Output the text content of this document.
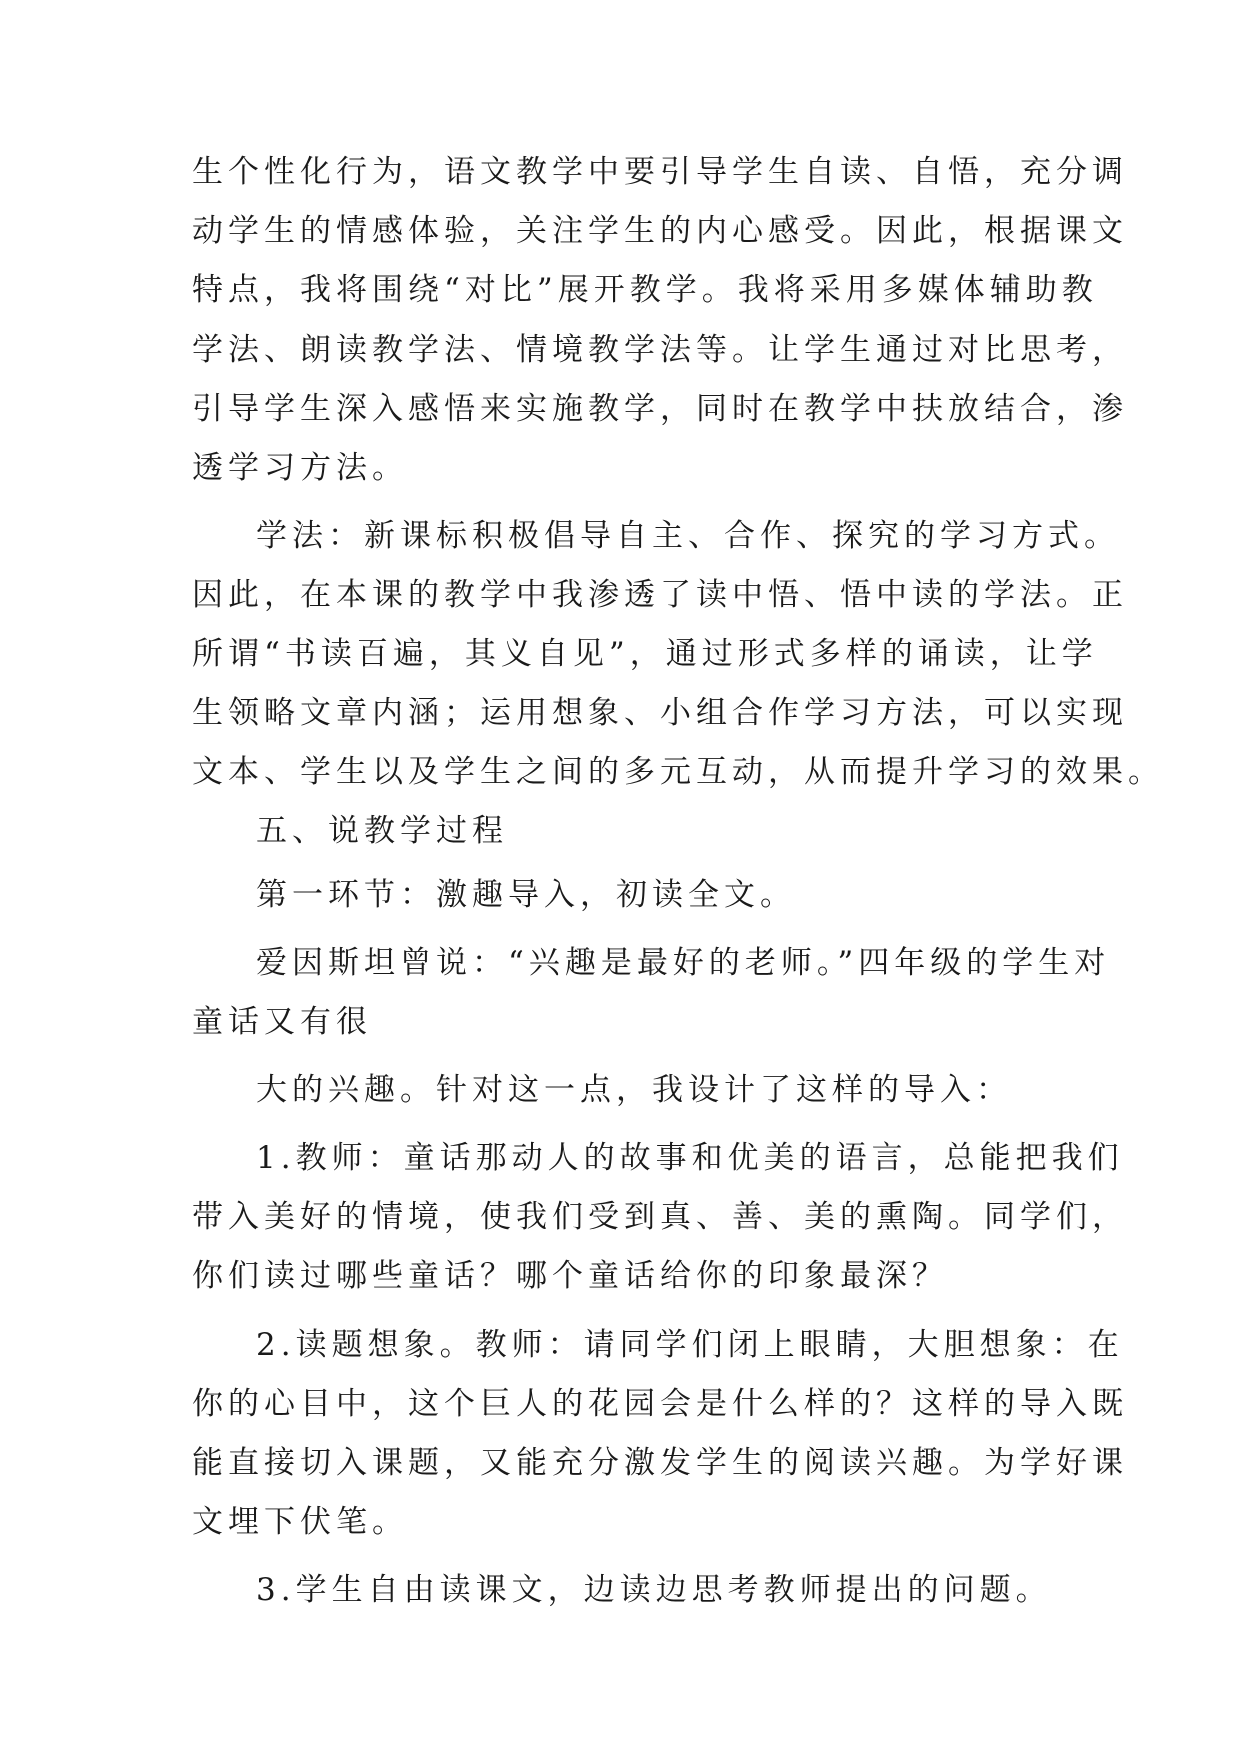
生个性化行为，语文教学中要引导学生自读、自悟，充分调
动学生的情感体验，关注学生的内心感受。因此，根据课文
特点，我将围绕“对比”展开教学。我将采用多媒体辅助教
学法、朗读教学法、情境教学法等。让学生通过对比思考，
引导学生深入感悟来实施教学，同时在教学中扶放结合，渗
透学习方法。
学法：新课标积极倡导自主、合作、探究的学习方式。
因此，在本课的教学中我渗透了读中悟、悟中读的学法。正
所谓“书读百遍，其义自见”，通过形式多样的诵读，让学
生领略文章内涵；运用想象、小组合作学习方法，可以实现
文本、学生以及学生之间的多元互动，从而提升学习的效果。
五、说教学过程
第一环节：激趣导入，初读全文。
爱因斯坦曾说：“兴趣是最好的老师。”四年级的学生对
童话又有很
大的兴趣。针对这一点，我设计了这样的导入：
1.教师：童话那动人的故事和优美的语言，总能把我们
带入美好的情境，使我们受到真、善、美的熏陶。同学们，
你们读过哪些童话？哪个童话给你的印象最深？
2.读题想象。教师：请同学们闭上眼睛，大胆想象：在
你的心目中，这个巨人的花园会是什么样的？这样的导入既
能直接切入课题，又能充分激发学生的阅读兴趣。为学好课
文埋下伏笔。
3.学生自由读课文，边读边思考教师提出的问题。
